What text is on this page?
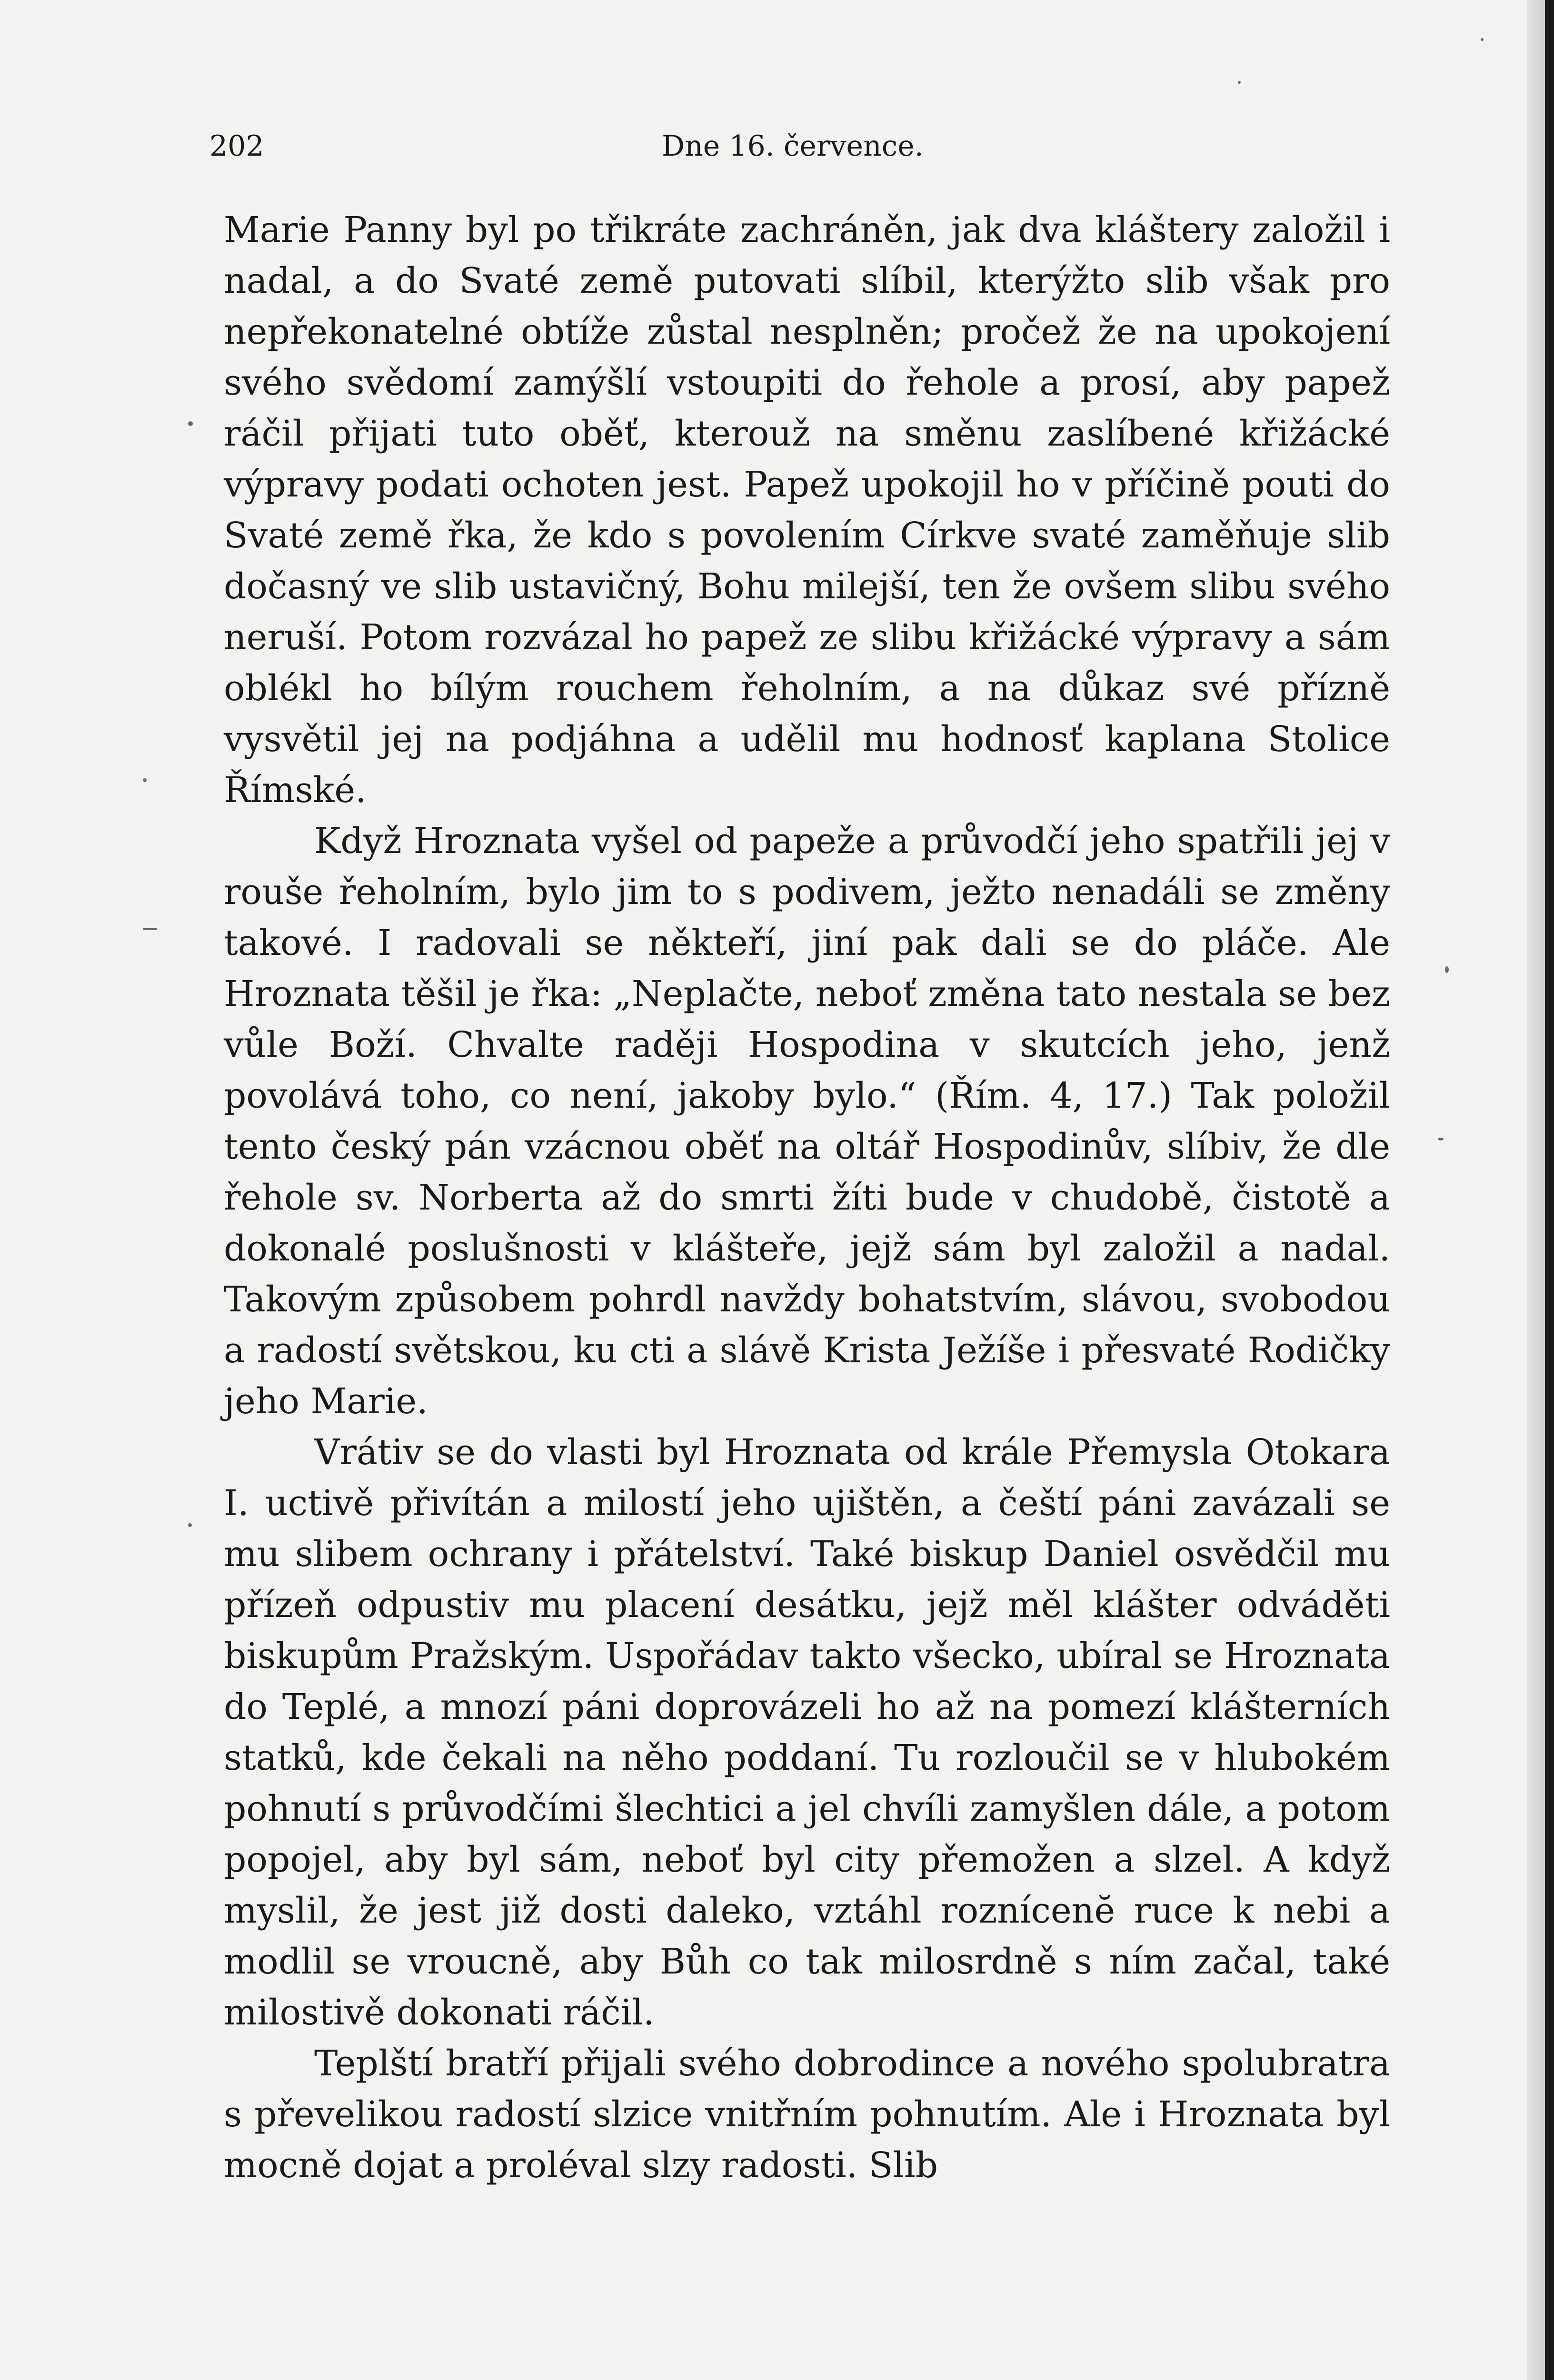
202	Dne 16. července.

Marie Panny byl po třikráte zachráněn, jak dva kláštery založil i nadal, a do Svaté země putovati slíbil, kterýžto slib však pro nepřekonatelné obtíže zůstal nesplněn; pročež že na upokojení svého svědomí zamýšlí vstoupiti do řehole a prosí, aby papež ráčil přijati tuto oběť, kterouž na směnu zaslíbené křižácké výpravy podati ochoten jest. Papež upokojil ho v příčině pouti do Svaté země řka, že kdo s povolením Církve svaté zaměňuje slib dočasný ve slib ustavičný, Bohu milejší, ten že ovšem slibu svého neruší. Potom rozvázal ho papež ze slibu křižácké výpravy a sám oblékl ho bílým rouchem řeholním, a na důkaz své přízně vysvětil jej na podjáhna a udělil mu hodnosť kaplana Stolice Římské.

Když Hroznata vyšel od papeže a průvodčí jeho spatřili jej v rouše řeholním, bylo jim to s podivem, ježto nenadáli se změny takové. I radovali se někteří, jiní pak dali se do pláče. Ale Hroznata těšil je řka: „Neplačte, neboť změna tato nestala se bez vůle Boží. Chvalte raději Hospodina v skutcích jeho, jenž povolává toho, co není, jakoby bylo.“ (Řím. 4, 17.) Tak položil tento český pán vzácnou oběť na oltář Hospodinův, slíbiv, že dle řehole sv. Norberta až do smrti žíti bude v chudobě, čistotě a dokonalé poslušnosti v klášteře, jejž sám byl založil a nadal. Takovým způsobem pohrdl navždy bohatstvím, slávou, svobodou a radostí světskou, ku cti a slávě Krista Ježíše i přesvaté Rodičky jeho Marie.

Vrátiv se do vlasti byl Hroznata od krále Přemysla Otokara I. uctivě přivítán a milostí jeho ujištěn, a čeští páni zavázali se mu slibem ochrany i přátelství. Také biskup Daniel osvědčil mu přízeň odpustiv mu placení desátku, jejž měl klášter odváděti biskupům Pražským. Uspořádav takto všecko, ubíral se Hroznata do Teplé, a mnozí páni doprovázeli ho až na pomezí klášterních statků, kde čekali na něho poddaní. Tu rozloučil se v hlubokém pohnutí s průvodčími šlechtici a jel chvíli zamyšlen dále, a potom popojel, aby byl sám, neboť byl city přemožen a slzel. A když myslil, že jest již dosti daleko, vztáhl roznícenĕ ruce k nebi a modlil se vroucně, aby Bůh co tak milosrdně s ním začal, také milostivě dokonati ráčil.

Teplští bratří přijali svého dobrodince a nového spolubratra s převelikou radostí slzice vnitřním pohnutím. Ale i Hroznata byl mocně dojat a proléval slzy radosti. Slib
